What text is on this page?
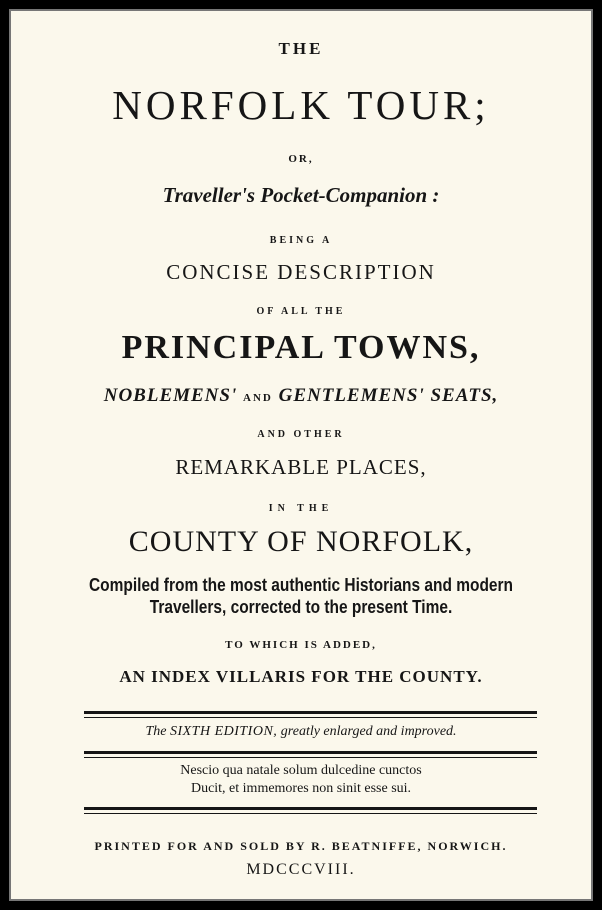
THE
NORFOLK TOUR;
OR,
Traveller's Pocket-Companion :
BEING A
CONCISE DESCRIPTION
OF ALL THE
PRINCIPAL TOWNS,
NOBLEMENS' AND GENTLEMENS' SEATS,
AND OTHER
REMARKABLE PLACES,
IN THE
COUNTY OF NORFOLK,
Compiled from the most authentic Historians and modern
Travellers, corrected to the present Time.
TO WHICH IS ADDED,
AN INDEX VILLARIS FOR THE COUNTY.
The SIXTH EDITION, greatly enlarged and improved.
Nescio qua natale solum dulcedine cunctos
Ducit, et immemores non sinit esse sui.
PRINTED FOR AND SOLD BY R. BEATNIFFE, NORWICH.
MDCCCVIII.
